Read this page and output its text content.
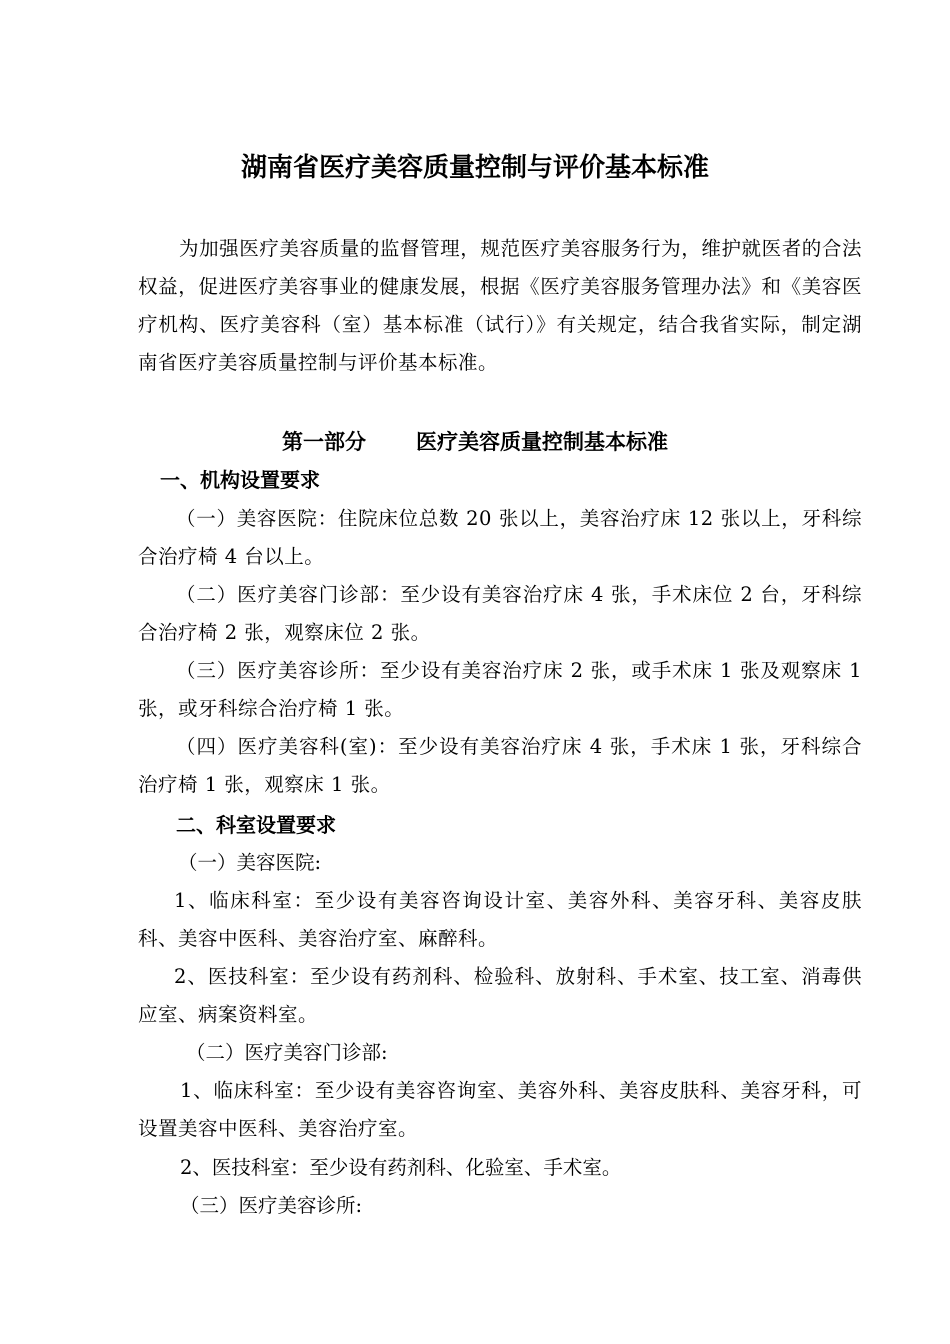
湖南省医疗美容质量控制与评价基本标准
为加强医疗美容质量的监督管理，规范医疗美容服务行为，维护就医者的合法权益，促进医疗美容事业的健康发展，根据《医疗美容服务管理办法》和《美容医疗机构、医疗美容科（室）基本标准（试行）》有关规定，结合我省实际，制定湖南省医疗美容质量控制与评价基本标准。
第一部分 医疗美容质量控制基本标准
一、机构设置要求
（一）美容医院：住院床位总数 20 张以上，美容治疗床 12 张以上，牙科综合治疗椅 4 台以上。
（二）医疗美容门诊部：至少设有美容治疗床 4 张，手术床位 2 台，牙科综合治疗椅 2 张，观察床位 2 张。
（三）医疗美容诊所：至少设有美容治疗床 2 张，或手术床 1 张及观察床 1 张，或牙科综合治疗椅 1 张。
（四）医疗美容科(室)：至少设有美容治疗床 4 张，手术床 1 张，牙科综合治疗椅 1 张，观察床 1 张。
二、科室设置要求
（一）美容医院:
1、临床科室：至少设有美容咨询设计室、美容外科、美容牙科、美容皮肤科、美容中医科、美容治疗室、麻醉科。
2、医技科室：至少设有药剂科、检验科、放射科、手术室、技工室、消毒供应室、病案资料室。
（二）医疗美容门诊部:
1、临床科室：至少设有美容咨询室、美容外科、美容皮肤科、美容牙科，可设置美容中医科、美容治疗室。
2、医技科室：至少设有药剂科、化验室、手术室。
（三）医疗美容诊所:
